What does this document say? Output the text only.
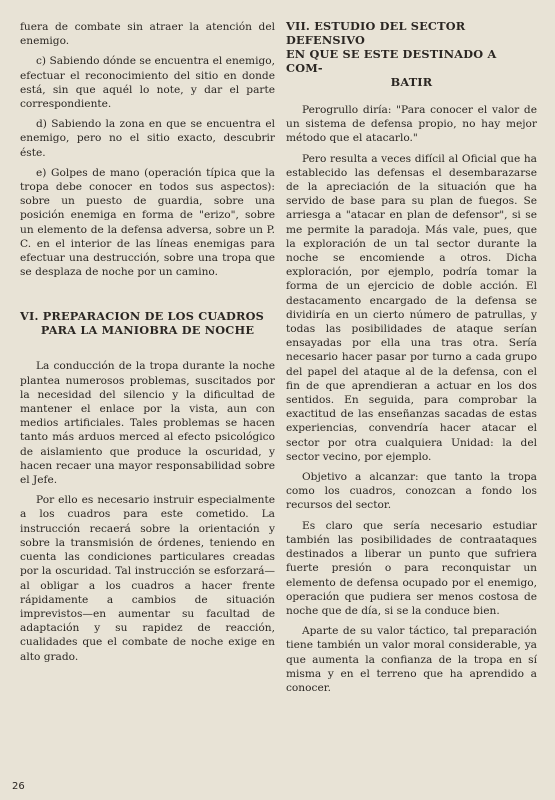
fuera de combate sin atraer la atención del enemigo.

c) Sabiendo dónde se encuentra el enemigo, efectuar el reconocimiento del sitio en donde está, sin que aquél lo note, y dar el parte correspondiente.

d) Sabiendo la zona en que se encuentra el enemigo, pero no el sitio exacto, descubrir éste.

e) Golpes de mano (operación típica que la tropa debe conocer en todos sus aspectos): sobre un puesto de guardia, sobre una posición enemiga en forma de "erizo", sobre un elemento de la defensa adversa, sobre un P. C. en el interior de las líneas enemigas para efectuar una destrucción, sobre una tropa que se desplaza de noche por un camino.

VI. PREPARACION DE LOS CUADROS
PARA LA MANIOBRA DE NOCHE

La conducción de la tropa durante la noche plantea numerosos problemas, suscitados por la necesidad del silencio y la dificultad de mantener el enlace por la vista, aun con medios artificiales. Tales problemas se hacen tanto más arduos merced al efecto psicológico de aislamiento que produce la oscuridad, y hacen recaer una mayor responsabilidad sobre el Jefe.

Por ello es necesario instruir especialmente a los cuadros para este cometido. La instrucción recaerá sobre la orientación y sobre la transmisión de órdenes, teniendo en cuenta las condiciones particulares creadas por la oscuridad. Tal instrucción se esforzará—al obligar a los cuadros a hacer frente rápidamente a cambios de situación imprevistos—en aumentar su facultad de adaptación y su rapidez de reacción, cualidades que el combate de noche exige en alto grado.

VII. ESTUDIO DEL SECTOR DEFENSIVO
EN QUE SE ESTE DESTINADO A COM-
BATIR

Perogrullo diría: "Para conocer el valor de un sistema de defensa propio, no hay mejor método que el atacarlo."

Pero resulta a veces difícil al Oficial que ha establecido las defensas el desembarazarse de la apreciación de la situación que ha servido de base para su plan de fuegos. Se arriesga a "atacar en plan de defensor", si se me permite la paradoja. Más vale, pues, que la exploración de un tal sector durante la noche se encomiende a otros. Dicha exploración, por ejemplo, podría tomar la forma de un ejercicio de doble acción. El destacamento encargado de la defensa se dividiría en un cierto número de patrullas, y todas las posibilidades de ataque serían ensayadas por ella una tras otra. Sería necesario hacer pasar por turno a cada grupo del papel del ataque al de la defensa, con el fin de que aprendieran a actuar en los dos sentidos. En seguida, para comprobar la exactitud de las enseñanzas sacadas de estas experiencias, convendría hacer atacar el sector por otra cualquiera Unidad: la del sector vecino, por ejemplo.

Objetivo a alcanzar: que tanto la tropa como los cuadros, conozcan a fondo los recursos del sector.

Es claro que sería necesario estudiar también las posibilidades de contraataques destinados a liberar un punto que sufriera fuerte presión o para reconquistar un elemento de defensa ocupado por el enemigo, operación que pudiera ser menos costosa de noche que de día, si se la conduce bien.

Aparte de su valor táctico, tal preparación tiene también un valor moral considerable, ya que aumenta la confianza de la tropa en sí misma y en el terreno que ha aprendido a conocer.

26
